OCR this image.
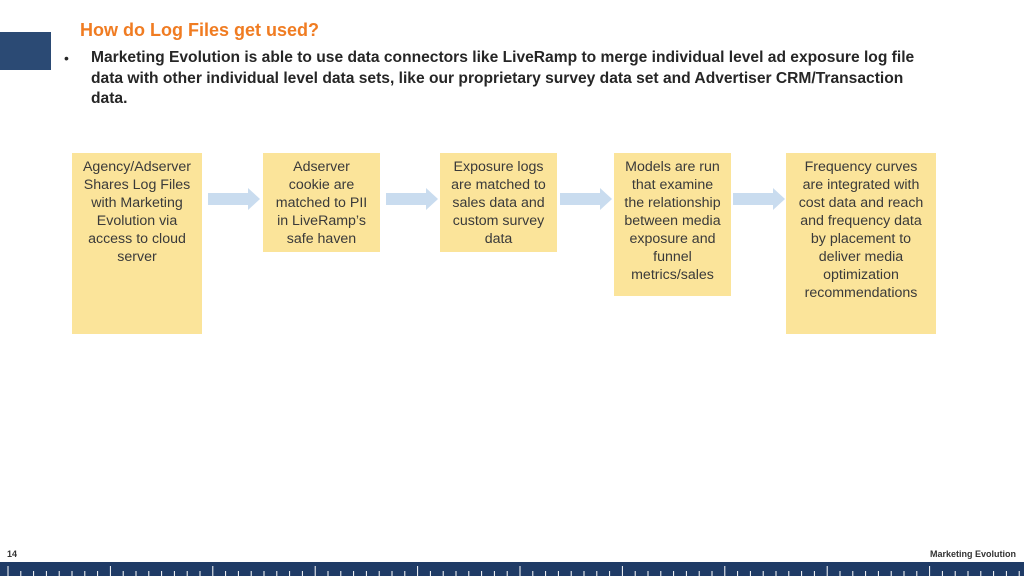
How do Log Files get used?
•	Marketing Evolution is able to use data connectors like LiveRamp to merge individual level ad exposure log file data with other individual level data sets, like our proprietary survey data set and Advertiser CRM/Transaction data.
Agency/Adserver
Shares Log Files
with Marketing
Evolution via
access to cloud
server
Adserver
cookie are
matched to PII
in LiveRamp’s
safe haven
Exposure logs
are matched to
sales data and
custom survey
data
Models are run
that examine
the relationship
between media
exposure and
funnel
metrics/sales
Frequency curves
are integrated with
cost data and reach
and frequency data
by placement to
deliver media
optimization
recommendations
14	Marketing Evolution
